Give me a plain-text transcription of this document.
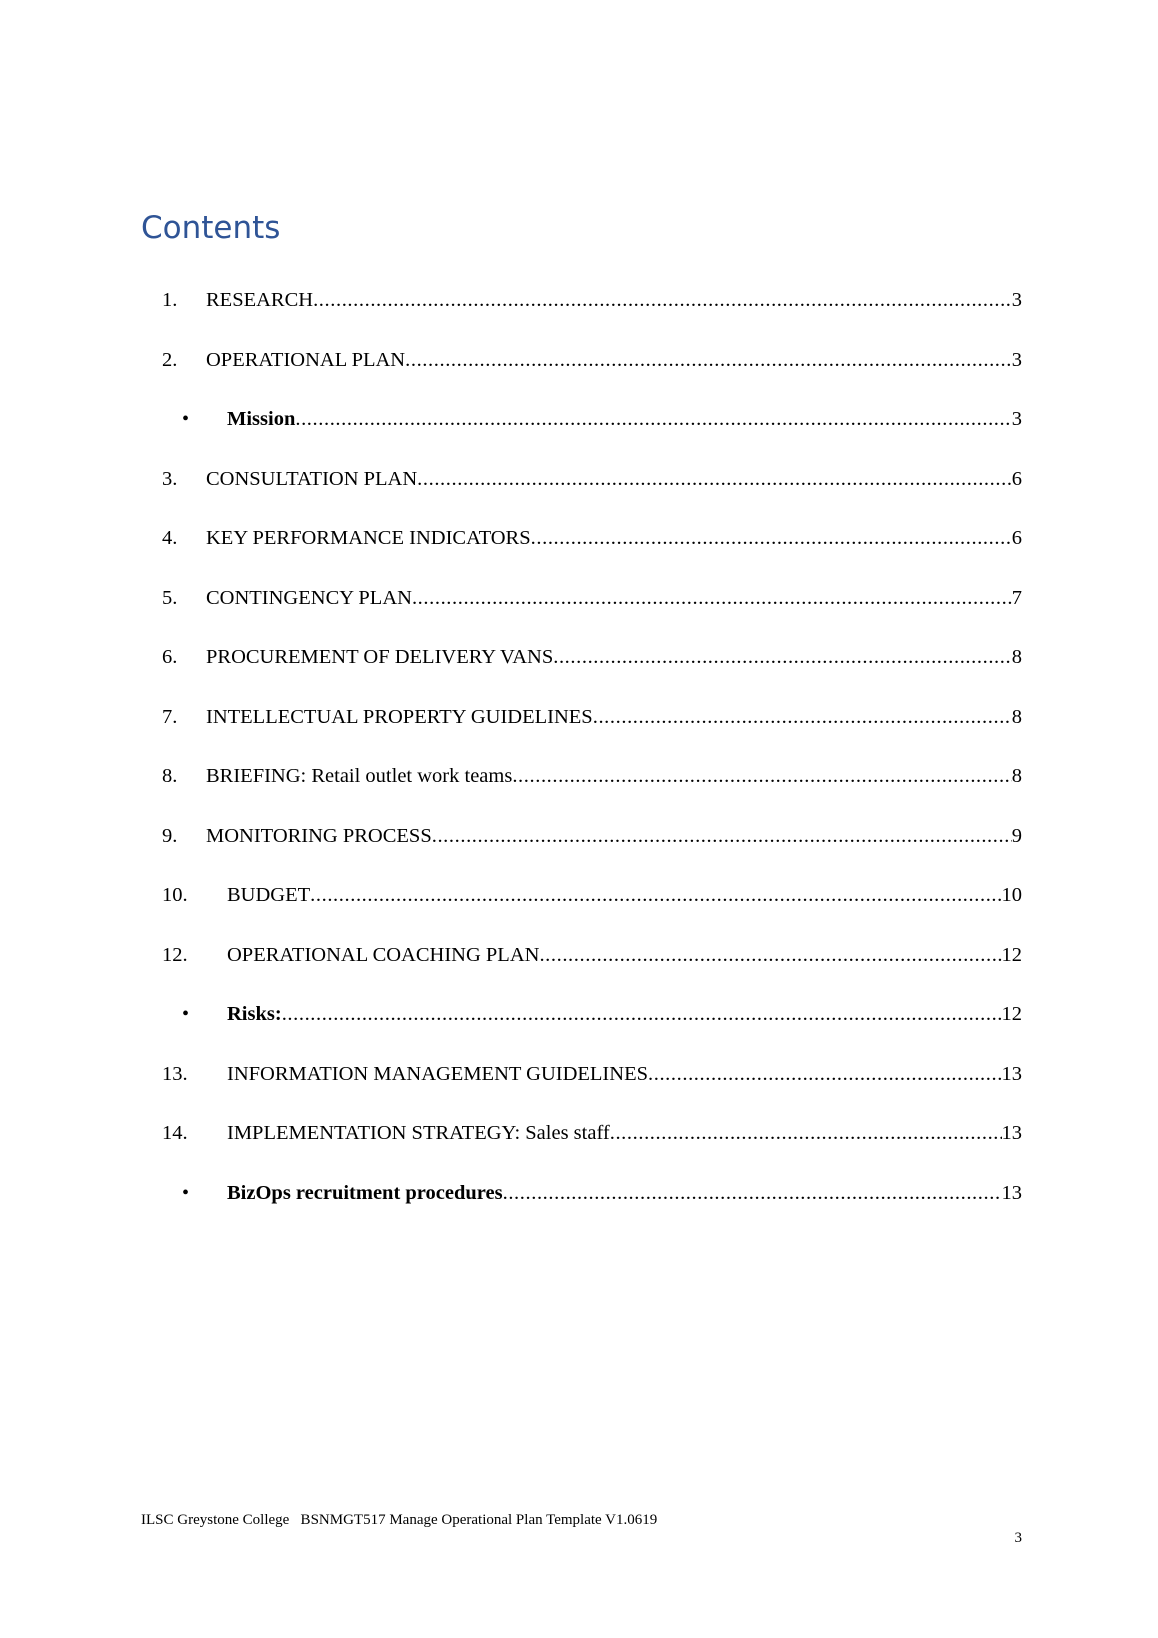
Contents
1. RESEARCH .....	3
2. OPERATIONAL PLAN .....	3
• Mission .....	3
3. CONSULTATION PLAN .....	6
4. KEY PERFORMANCE INDICATORS .....	6
5. CONTINGENCY PLAN .....	7
6. PROCUREMENT OF DELIVERY VANS .....	8
7. INTELLECTUAL PROPERTY GUIDELINES .....	8
8. BRIEFING: Retail outlet work teams .....	8
9. MONITORING PROCESS .....	9
10. BUDGET .....	10
12. OPERATIONAL COACHING PLAN .....	12
• Risks: .....	12
13. INFORMATION MANAGEMENT GUIDELINES .....	13
14. IMPLEMENTATION STRATEGY: Sales staff .....	13
• BizOps recruitment procedures .....	13
ILSC Greystone College   BSNMGT517 Manage Operational Plan Template V1.0619
3
